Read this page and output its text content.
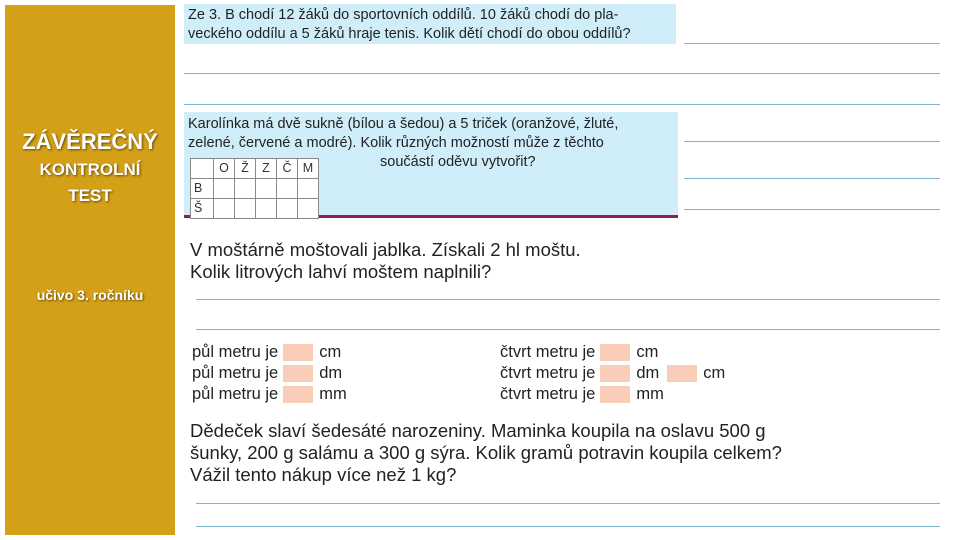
ZÁVĚREČNÝ
KONTROLNÍ
TEST
učivo 3. ročníku
Ze 3. B chodí 12 žáků do sportovních oddílů. 10 žáků chodí do pla-
veckého oddílu a 5 žáků hraje tenis. Kolik dětí chodí do obou oddílů?
Karolínka má dvě sukně (bílou a šedou) a 5 triček (oranžové, žluté,
zelené, červené a modré). Kolik různých možností může z těchto
součástí oděvu vytvořit?
	O	Ž	Z	Č	M
B					
Š					
V moštárně moštovali jablka. Získali 2 hl moštu.
Kolik litrových lahví moštem naplnili?
půl metru je cm
půl metru je dm
půl metru je mm
čtvrt metru je cm
čtvrt metru je dm	cm
čtvrt metru je mm
Dědeček slaví šedesáté narozeniny. Maminka koupila na oslavu 500 g
šunky, 200 g salámu a 300 g sýra. Kolik gramů potravin koupila celkem?
Vážil tento nákup více než 1 kg?
